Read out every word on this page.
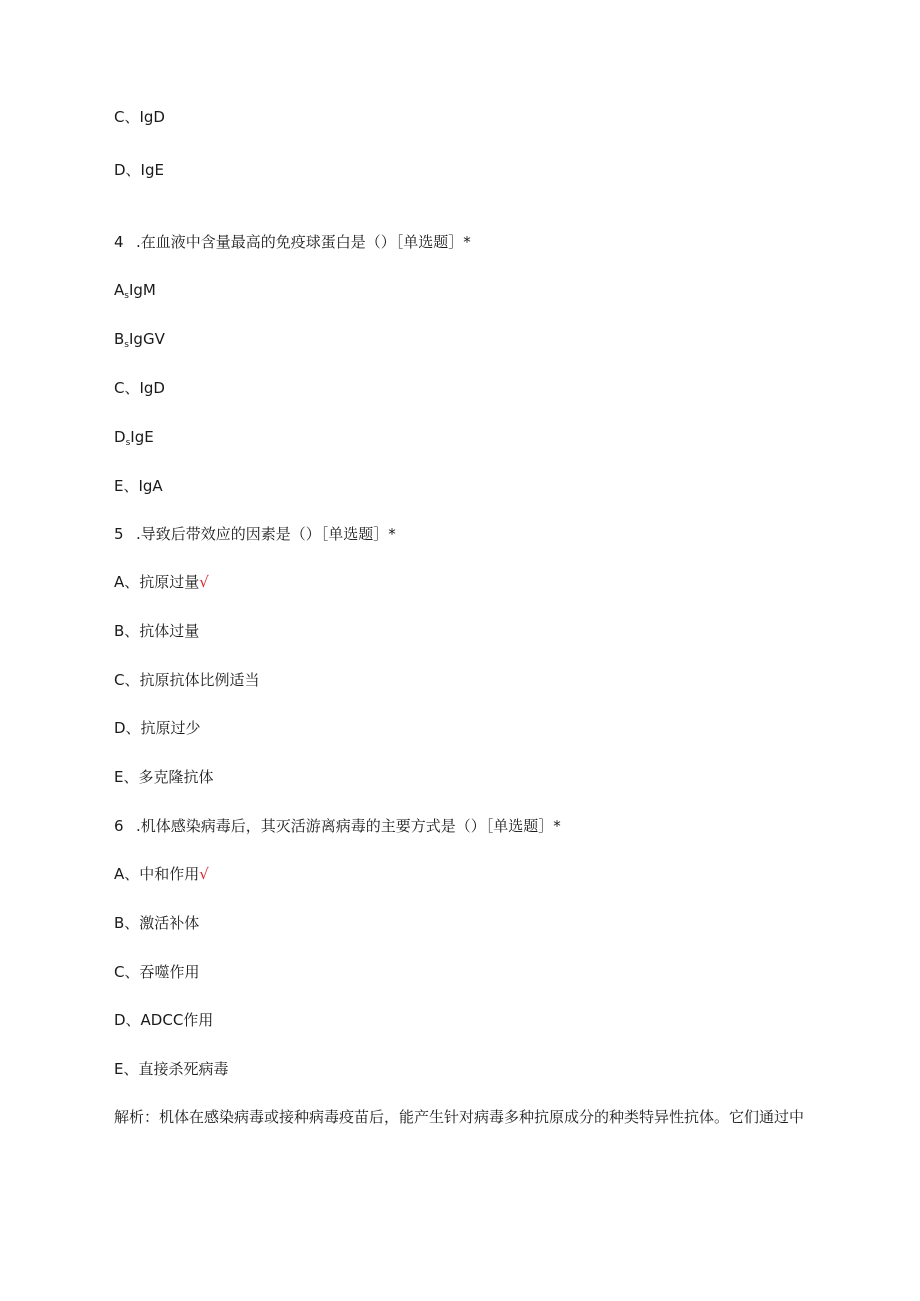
C、IgD
D、IgE
4 .在血液中含量最高的免疫球蛋白是（）［单选题］*
$A_sIgM$
$B_sIgGV$
C、IgD
$D_sIgE$
E、IgA
5 .导致后带效应的因素是（）［单选题］*
A、抗原过量√
B、抗体过量
C、抗原抗体比例适当
D、抗原过少
E、多克隆抗体
6 .机体感染病毒后，其灭活游离病毒的主要方式是（）［单选题］*
A、中和作用√
B、激活补体
C、吞噬作用
D、ADCC作用
E、直接杀死病毒
解析：机体在感染病毒或接种病毒疫苗后，能产生针对病毒多种抗原成分的种类特异性抗体。它们通过中
